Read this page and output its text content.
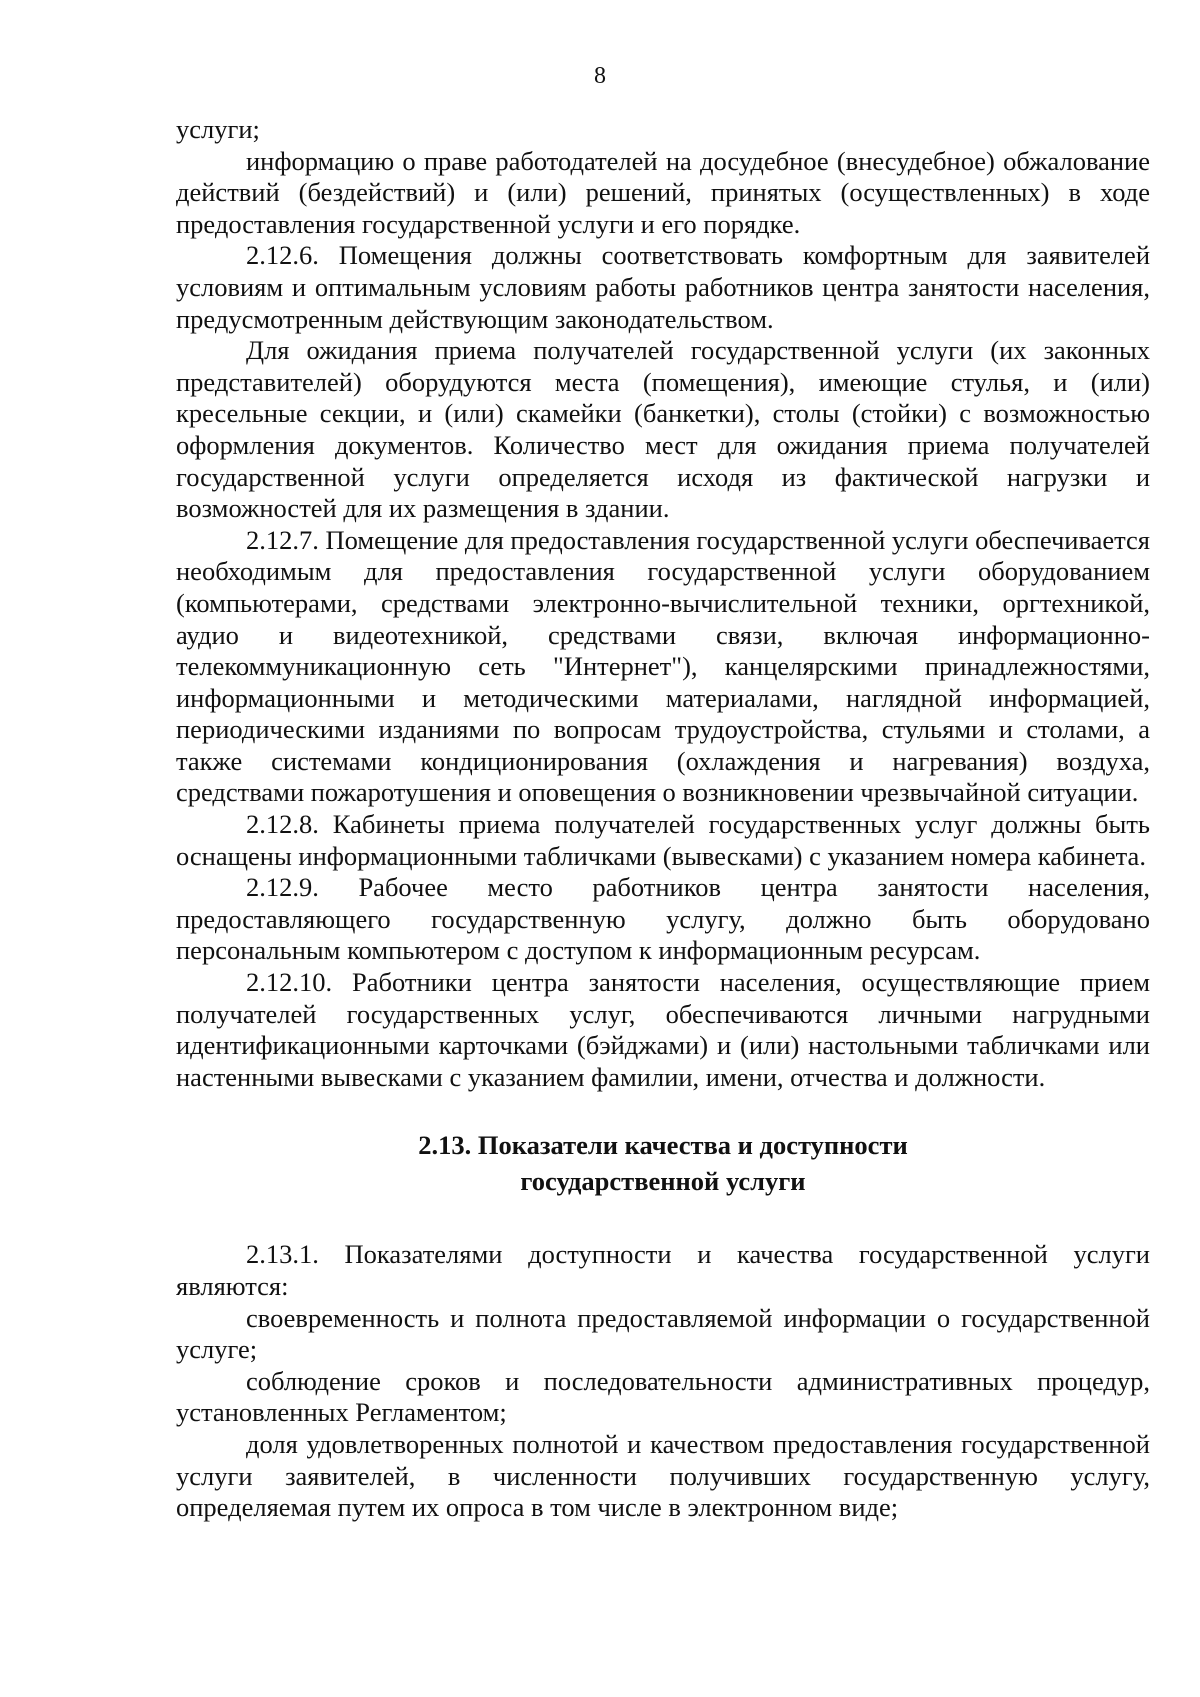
8

услуги;

информацию о праве работодателей на досудебное (внесудебное) обжалование действий (бездействий) и (или) решений, принятых (осуществленных) в ходе предоставления государственной услуги и его порядке.

2.12.6. Помещения должны соответствовать комфортным для заявителей условиям и оптимальным условиям работы работников центра занятости населения, предусмотренным действующим законодательством.

Для ожидания приема получателей государственной услуги (их законных представителей) оборудуются места (помещения), имеющие стулья, и (или) кресельные секции, и (или) скамейки (банкетки), столы (стойки) с возможностью оформления документов. Количество мест для ожидания приема получателей государственной услуги определяется исходя из фактической нагрузки и возможностей для их размещения в здании.

2.12.7. Помещение для предоставления государственной услуги обеспечивается необходимым для предоставления государственной услуги оборудованием (компьютерами, средствами электронно-вычислительной техники, оргтехникой, аудио и видеотехникой, средствами связи, включая информационно-телекоммуникационную сеть "Интернет"), канцелярскими принадлежностями, информационными и методическими материалами, наглядной информацией, периодическими изданиями по вопросам трудоустройства, стульями и столами, а также системами кондиционирования (охлаждения и нагревания) воздуха, средствами пожаротушения и оповещения о возникновении чрезвычайной ситуации.

2.12.8. Кабинеты приема получателей государственных услуг должны быть оснащены информационными табличками (вывесками) с указанием номера кабинета.

2.12.9. Рабочее место работников центра занятости населения, предоставляющего государственную услугу, должно быть оборудовано персональным компьютером с доступом к информационным ресурсам.

2.12.10. Работники центра занятости населения, осуществляющие прием получателей государственных услуг, обеспечиваются личными нагрудными идентификационными карточками (бэйджами) и (или) настольными табличками или настенными вывесками с указанием фамилии, имени, отчества и должности.

2.13. Показатели качества и доступности
государственной услуги

2.13.1. Показателями доступности и качества государственной услуги являются:

своевременность и полнота предоставляемой информации о государственной услуге;

соблюдение сроков и последовательности административных процедур, установленных Регламентом;

доля удовлетворенных полнотой и качеством предоставления государственной услуги заявителей, в численности получивших государственную услугу, определяемая путем их опроса в том числе в электронном виде;
